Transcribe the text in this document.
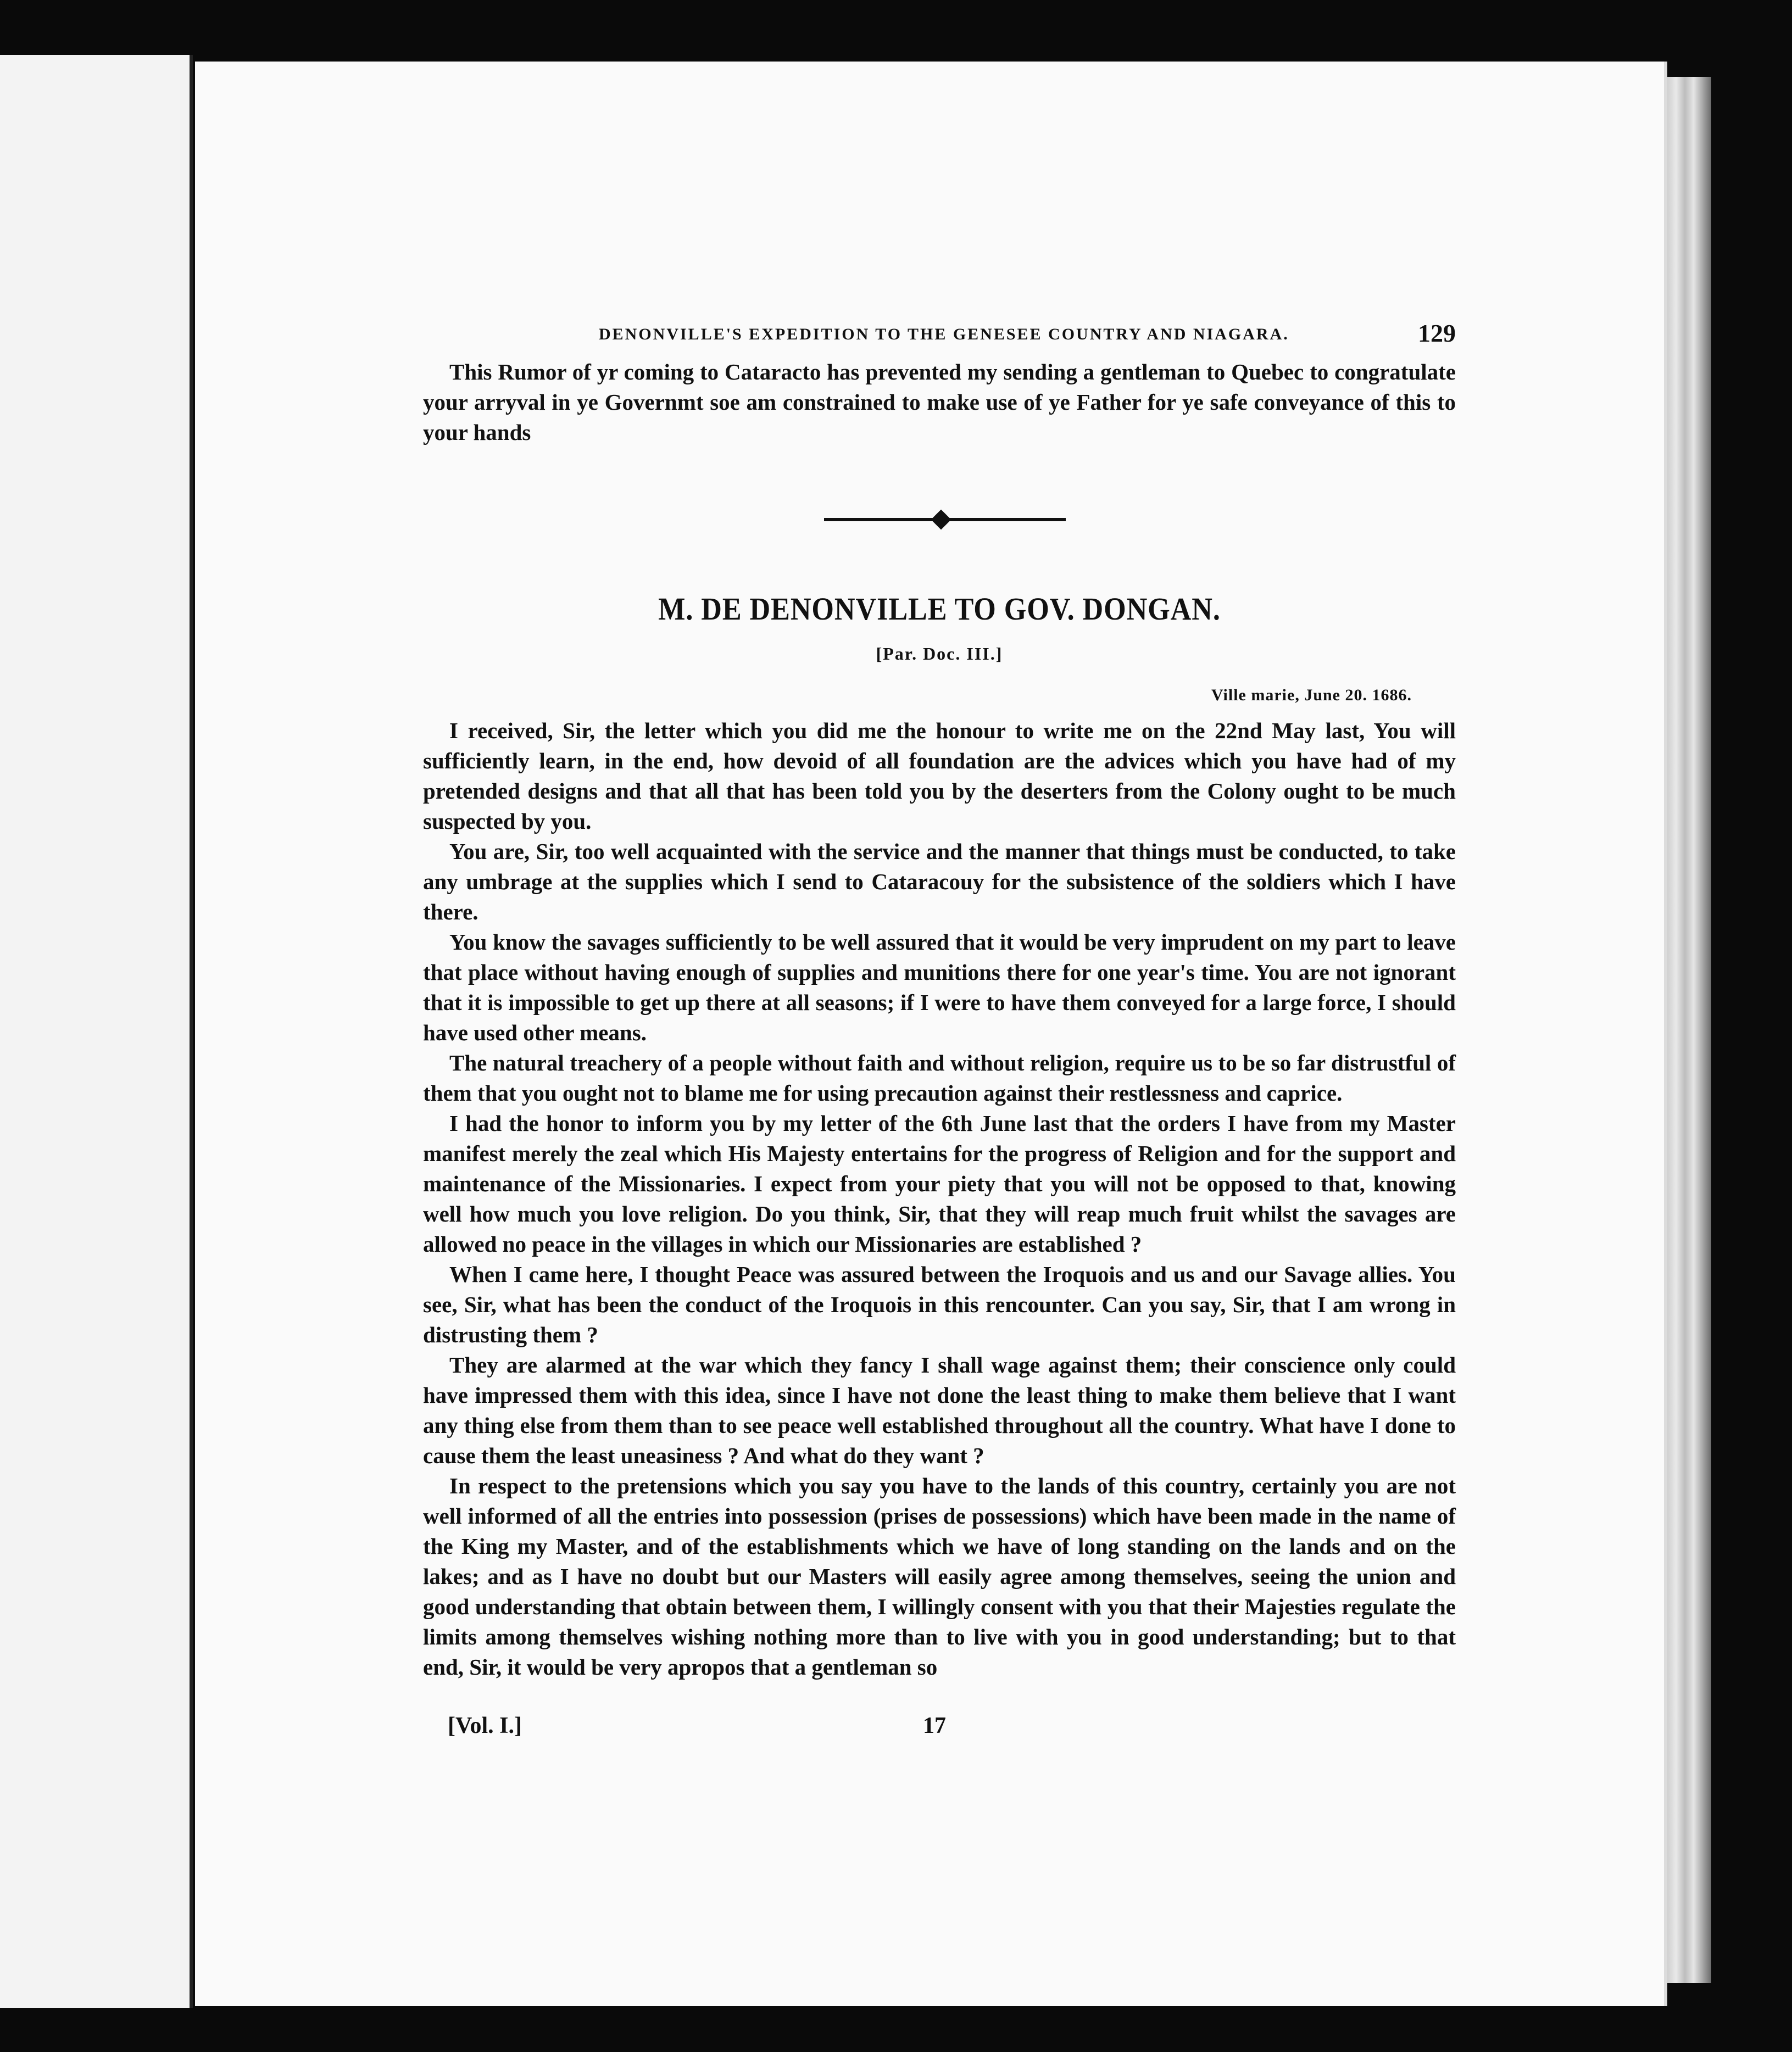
DENONVILLE'S EXPEDITION TO THE GENESEE COUNTRY AND NIAGARA.	129

This Rumor of yr coming to Cataracto has prevented my sending a gentleman to Quebec to congratulate your arryval in ye Governmt soe am constrained to make use of ye Father for ye safe conveyance of this to your hands

M. DE DENONVILLE TO GOV. DONGAN.
[Par. Doc. III.]
Ville marie, June 20. 1686.

I received, Sir, the letter which you did me the honour to write me on the 22nd May last, You will sufficiently learn, in the end, how devoid of all foundation are the advices which you have had of my pretended designs and that all that has been told you by the deserters from the Colony ought to be much suspected by you.

You are, Sir, too well acquainted with the service and the manner that things must be conducted, to take any umbrage at the supplies which I send to Cataracouy for the subsistence of the soldiers which I have there.

You know the savages sufficiently to be well assured that it would be very imprudent on my part to leave that place without having enough of supplies and munitions there for one year's time. You are not ignorant that it is impossible to get up there at all seasons; if I were to have them conveyed for a large force, I should have used other means.

The natural treachery of a people without faith and without religion, require us to be so far distrustful of them that you ought not to blame me for using precaution against their restlessness and caprice.

I had the honor to inform you by my letter of the 6th June last that the orders I have from my Master manifest merely the zeal which His Majesty entertains for the progress of Religion and for the support and maintenance of the Missionaries. I expect from your piety that you will not be opposed to that, knowing well how much you love religion. Do you think, Sir, that they will reap much fruit whilst the savages are allowed no peace in the villages in which our Missionaries are established ?

When I came here, I thought Peace was assured between the Iroquois and us and our Savage allies. You see, Sir, what has been the conduct of the Iroquois in this rencounter. Can you say, Sir, that I am wrong in distrusting them ?

They are alarmed at the war which they fancy I shall wage against them; their conscience only could have impressed them with this idea, since I have not done the least thing to make them believe that I want any thing else from them than to see peace well established throughout all the country. What have I done to cause them the least uneasiness ? And what do they want ?

In respect to the pretensions which you say you have to the lands of this country, certainly you are not well informed of all the entries into possession (prises de possessions) which have been made in the name of the King my Master, and of the establishments which we have of long standing on the lands and on the lakes; and as I have no doubt but our Masters will easily agree among themselves, seeing the union and good understanding that obtain between them, I willingly consent with you that their Majesties regulate the limits among themselves wishing nothing more than to live with you in good understanding; but to that end, Sir, it would be very apropos that a gentleman so

[Vol. I.]	17
